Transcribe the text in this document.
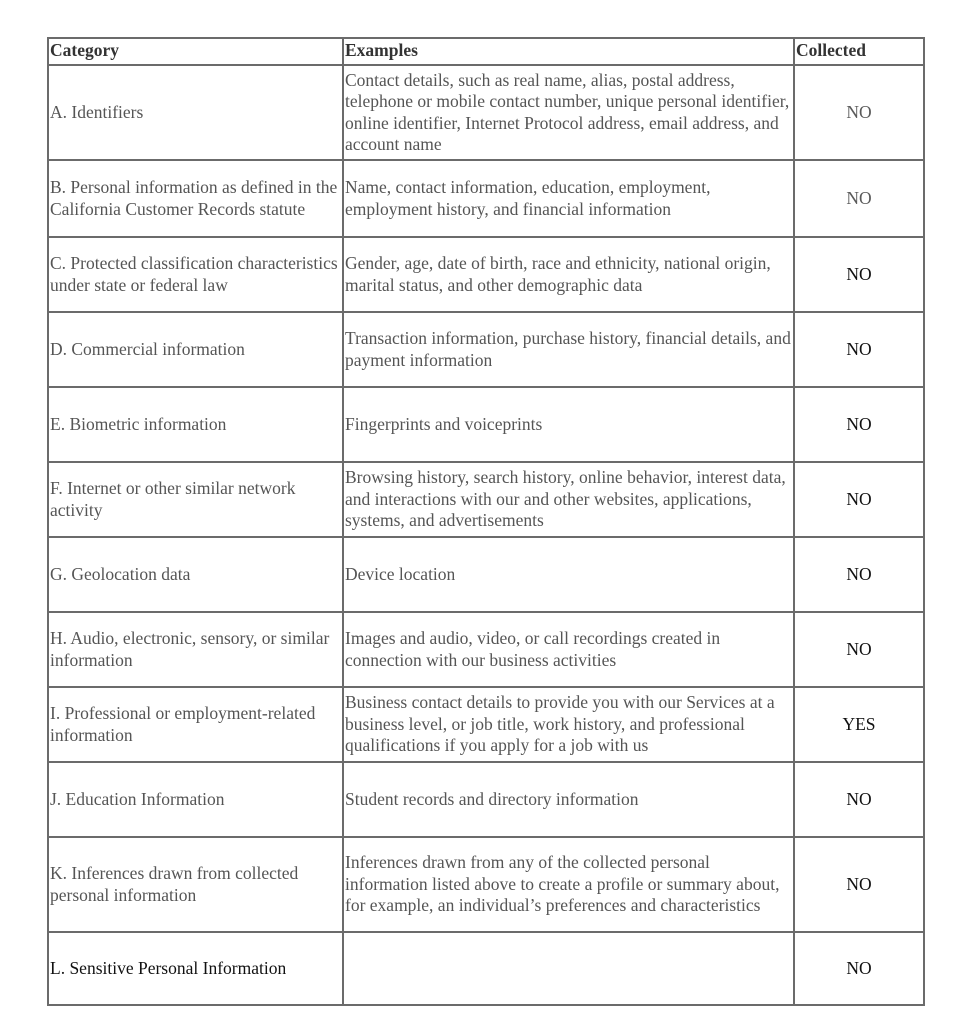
Category	Examples	Collected
A. Identifiers	Contact details, such as real name, alias, postal address, telephone or mobile contact number, unique personal identifier, online identifier, Internet Protocol address, email address, and account name	NO
B. Personal information as defined in the California Customer Records statute	Name, contact information, education, employment, employment history, and financial information	NO
C. Protected classification characteristics under state or federal law	Gender, age, date of birth, race and ethnicity, national origin, marital status, and other demographic data	NO
D. Commercial information	Transaction information, purchase history, financial details, and payment information	NO
E. Biometric information	Fingerprints and voiceprints	NO
F. Internet or other similar network activity	Browsing history, search history, online behavior, interest data, and interactions with our and other websites, applications, systems, and advertisements	NO
G. Geolocation data	Device location	NO
H. Audio, electronic, sensory, or similar information	Images and audio, video, or call recordings created in connection with our business activities	NO
I. Professional or employment-related information	Business contact details to provide you with our Services at a business level, or job title, work history, and professional qualifications if you apply for a job with us	YES
J. Education Information	Student records and directory information	NO
K. Inferences drawn from collected personal information	Inferences drawn from any of the collected personal information listed above to create a profile or summary about, for example, an individual’s preferences and characteristics	NO
L. Sensitive Personal Information		NO
